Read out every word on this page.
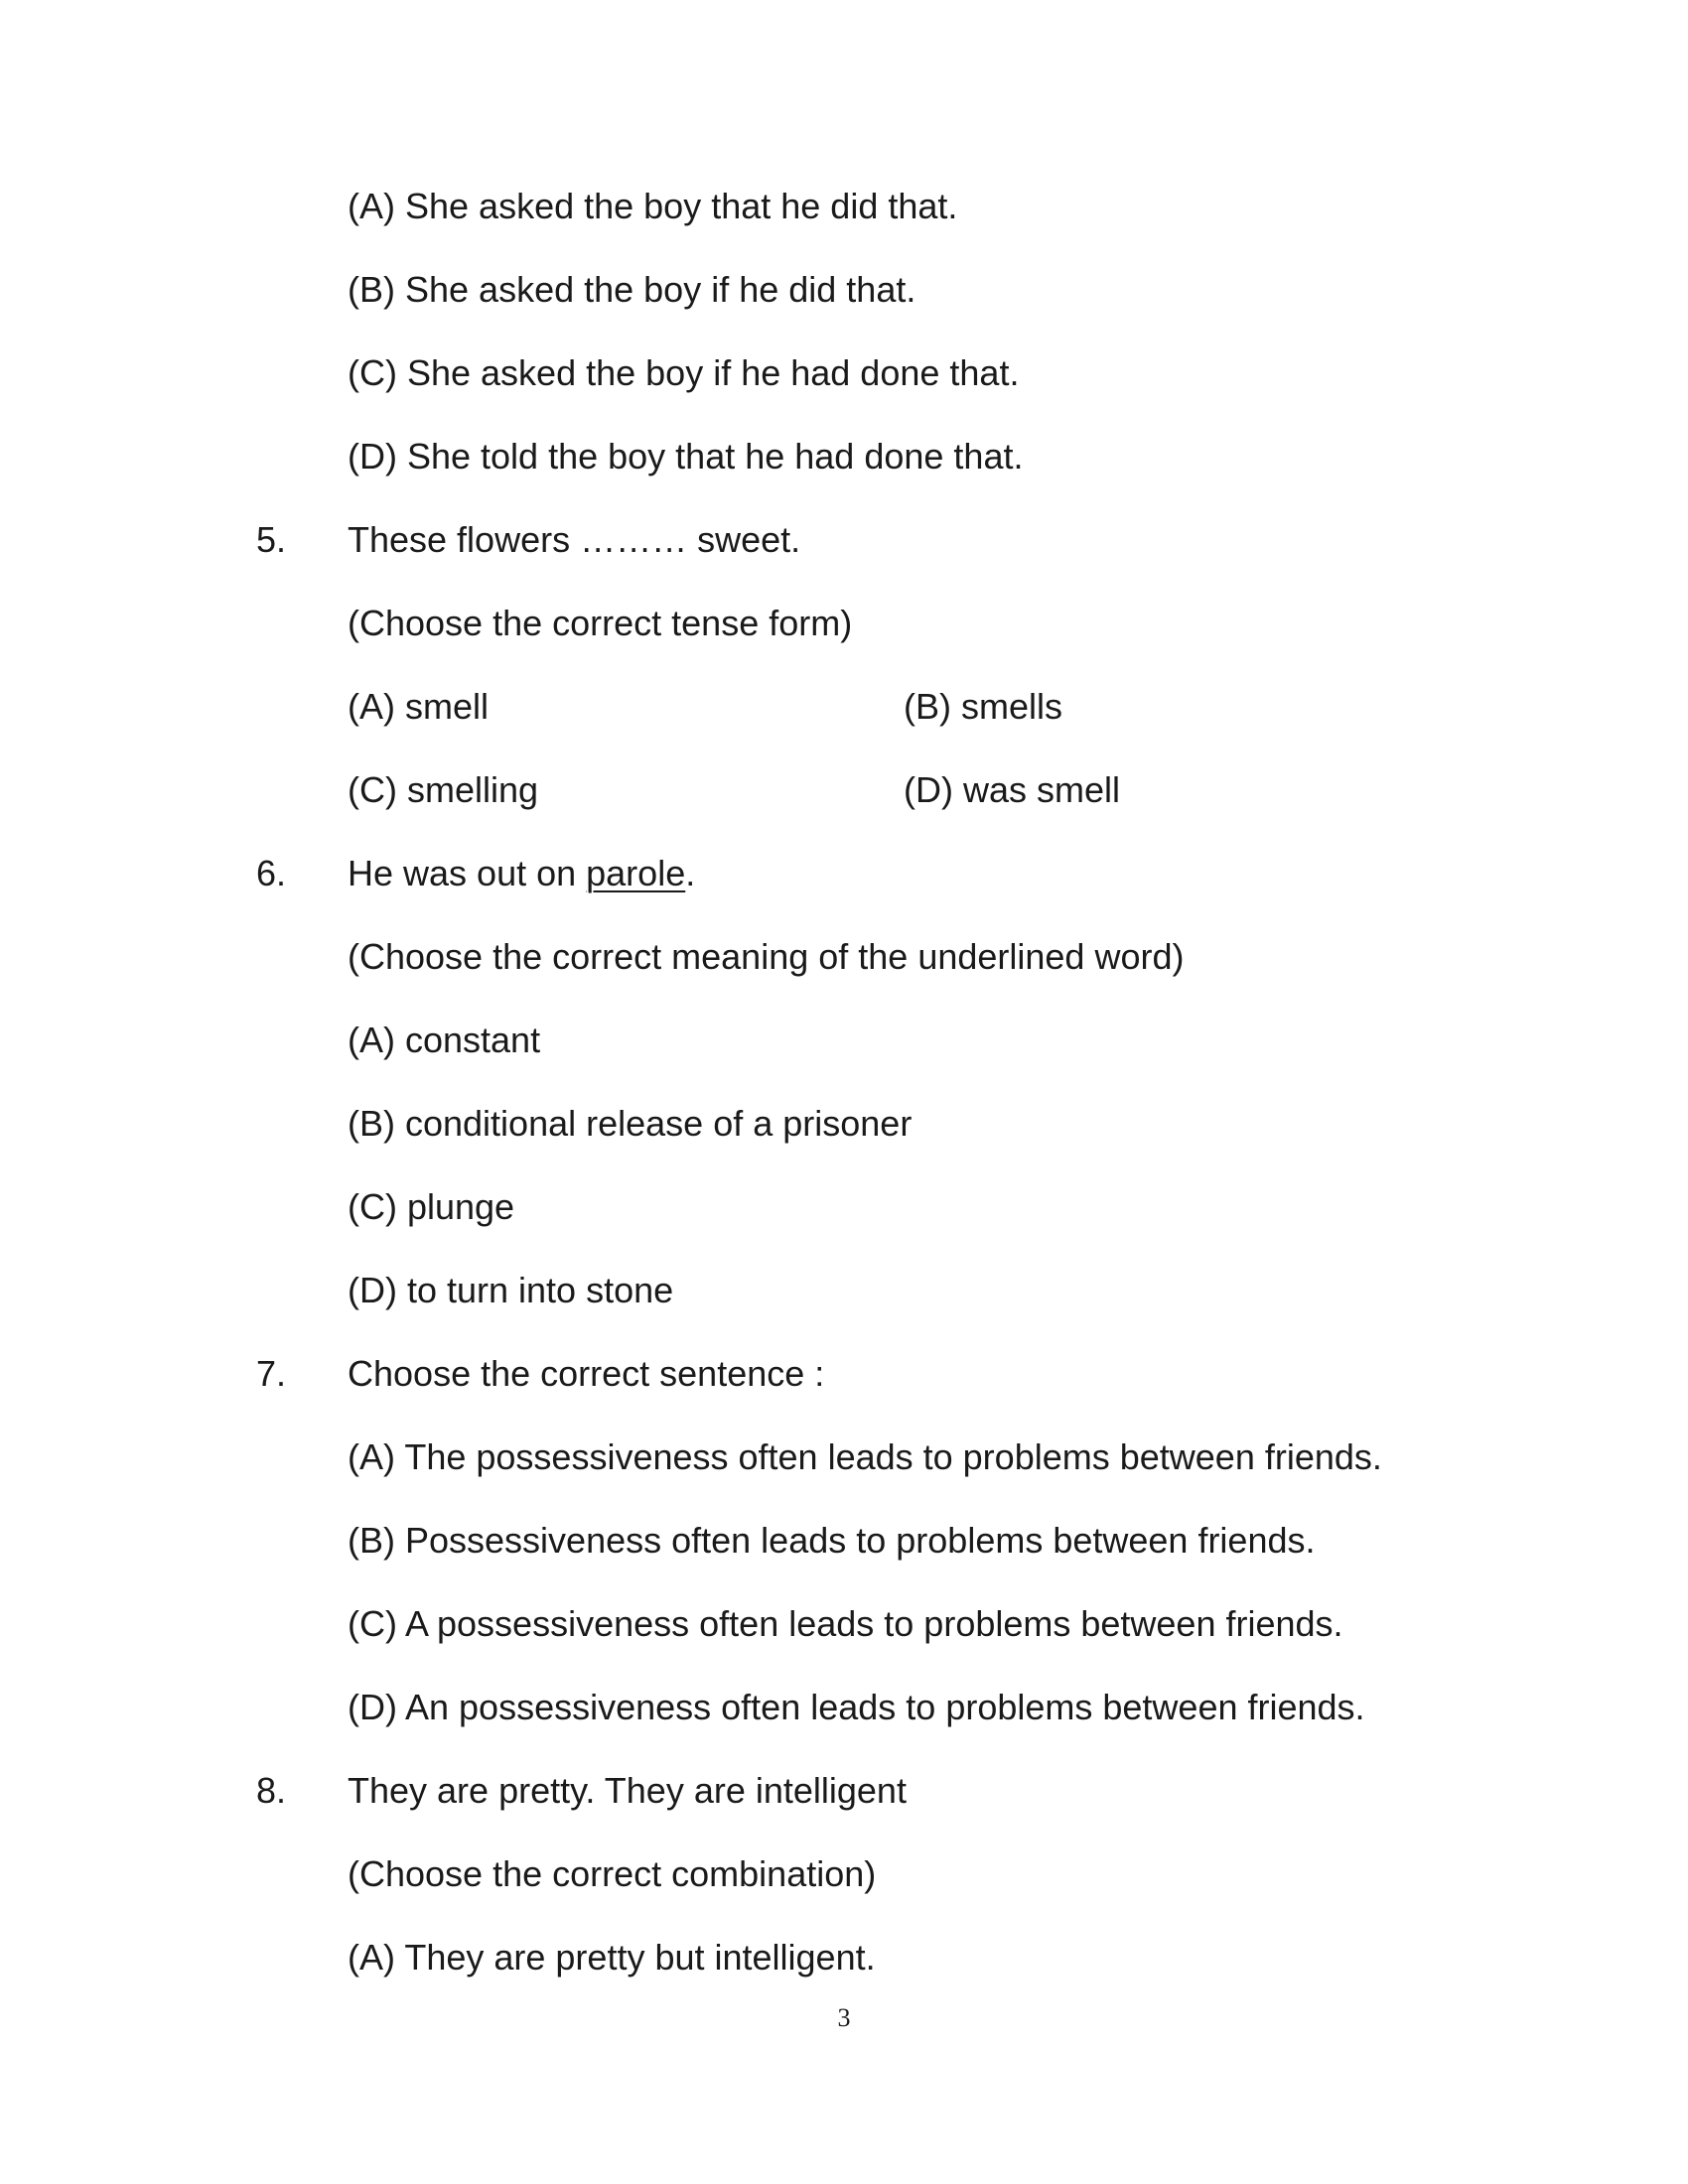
(A) She asked the boy that he did that.
(B) She asked the boy if he did that.
(C) She asked the boy if he had done that.
(D) She told the boy that he had done that.
5. These flowers ……… sweet.
(Choose the correct tense form)
(A) smell	(B) smells
(C) smelling	(D) was smell
6. He was out on parole.
(Choose the correct meaning of the underlined word)
(A) constant
(B) conditional release of a prisoner
(C) plunge
(D) to turn into stone
7. Choose the correct sentence :
(A) The possessiveness often leads to problems between friends.
(B) Possessiveness often leads to problems between friends.
(C) A possessiveness often leads to problems between friends.
(D) An possessiveness often leads to problems between friends.
8. They are pretty. They are intelligent
(Choose the correct combination)
(A) They are pretty but intelligent.
3
